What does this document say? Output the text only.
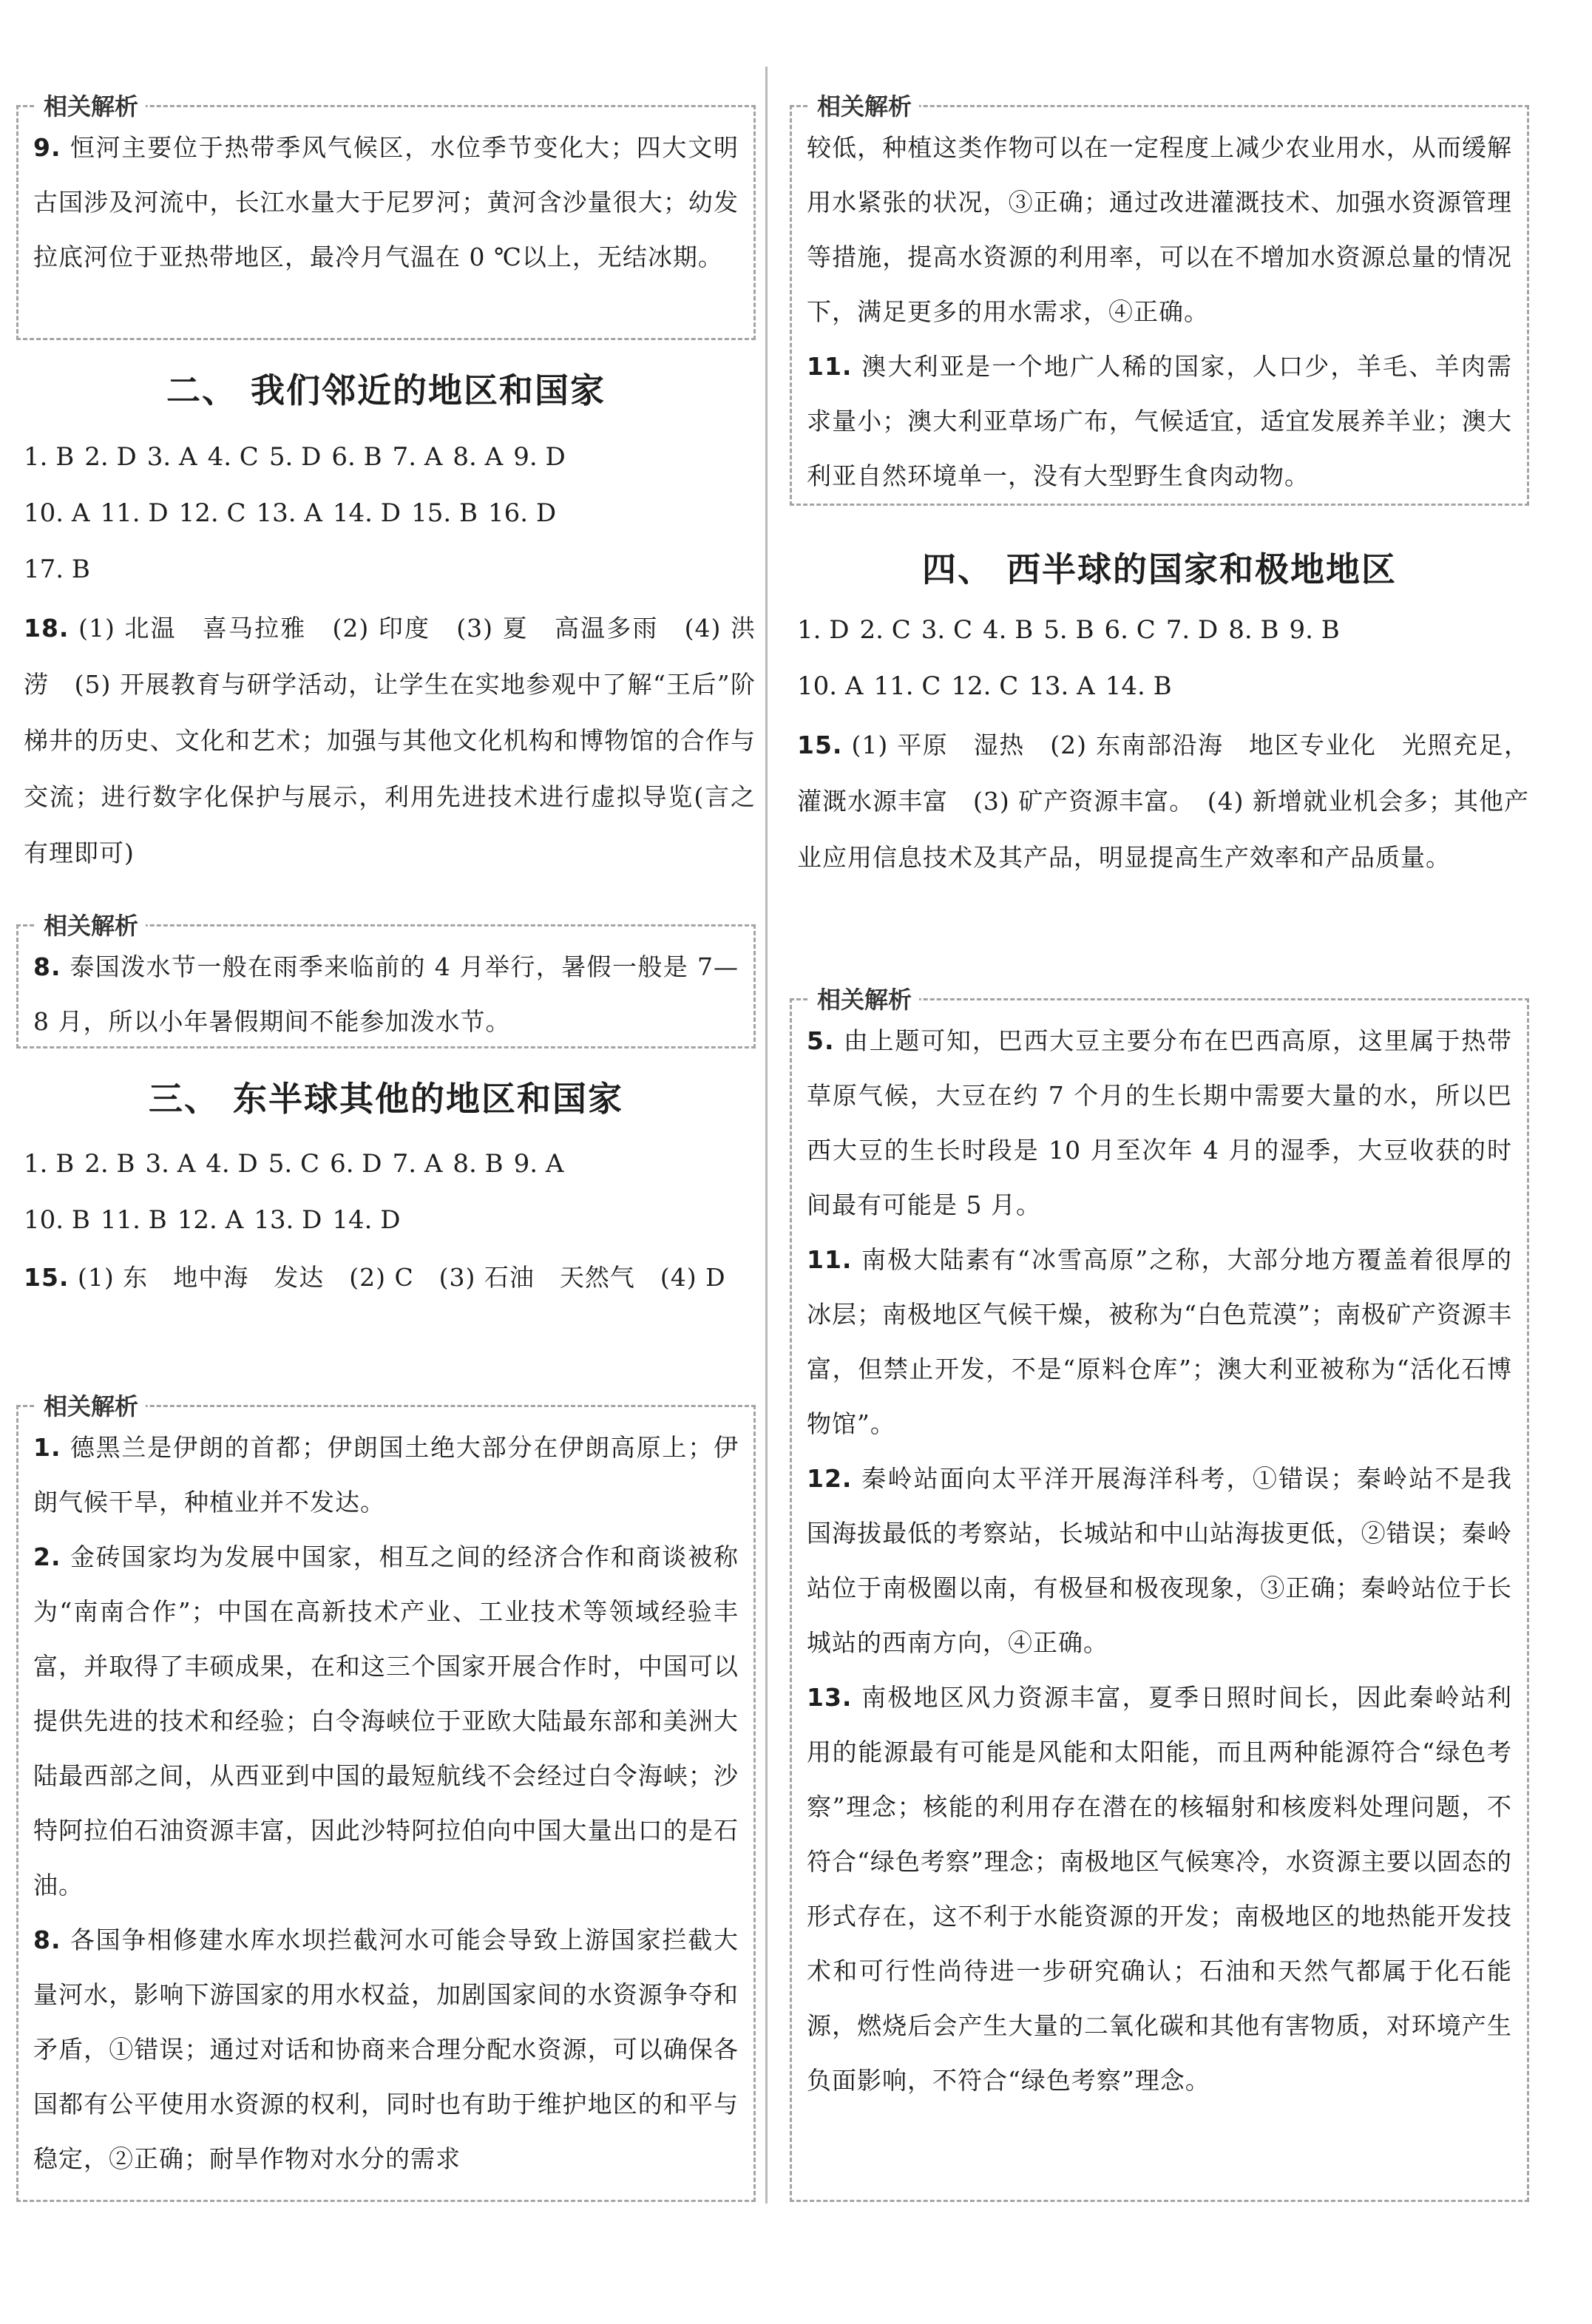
相关解析

9. 恒河主要位于热带季风气候区，水位季节变化大；四大文明古国涉及河流中，长江水量大于尼罗河；黄河含沙量很大；幼发拉底河位于亚热带地区，最冷月气温在 0 ℃以上，无结冰期。

二、 我们邻近的地区和国家
1. B 2. D 3. A 4. C 5. D 6. B 7. A 8. A 9. D
10. A 11. D 12. C 13. A 14. D 15. B 16. D
17. B

18. (1) 北温　喜马拉雅　(2) 印度　(3) 夏　高温多雨　(4) 洪涝　(5) 开展教育与研学活动，让学生在实地参观中了解“王后”阶梯井的历史、文化和艺术；加强与其他文化机构和博物馆的合作与交流；进行数字化保护与展示，利用先进技术进行虚拟导览(言之有理即可)

相关解析

8. 泰国泼水节一般在雨季来临前的 4 月举行，暑假一般是 7—8 月，所以小年暑假期间不能参加泼水节。

三、 东半球其他的地区和国家
1. B 2. B 3. A 4. D 5. C 6. D 7. A 8. B 9. A
10. B 11. B 12. A 13. D 14. D

15. (1) 东　地中海　发达　(2) C　(3) 石油　天然气　(4) D

相关解析

1. 德黑兰是伊朗的首都；伊朗国土绝大部分在伊朗高原上；伊朗气候干旱，种植业并不发达。

2. 金砖国家均为发展中国家，相互之间的经济合作和商谈被称为“南南合作”；中国在高新技术产业、工业技术等领域经验丰富，并取得了丰硕成果，在和这三个国家开展合作时，中国可以提供先进的技术和经验；白令海峡位于亚欧大陆最东部和美洲大陆最西部之间，从西亚到中国的最短航线不会经过白令海峡；沙特阿拉伯石油资源丰富，因此沙特阿拉伯向中国大量出口的是石油。

8. 各国争相修建水库水坝拦截河水可能会导致上游国家拦截大量河水，影响下游国家的用水权益，加剧国家间的水资源争夺和矛盾，①错误；通过对话和协商来合理分配水资源，可以确保各国都有公平使用水资源的权利，同时也有助于维护地区的和平与稳定，②正确；耐旱作物对水分的需求

相关解析

较低，种植这类作物可以在一定程度上减少农业用水，从而缓解用水紧张的状况，③正确；通过改进灌溉技术、加强水资源管理等措施，提高水资源的利用率，可以在不增加水资源总量的情况下，满足更多的用水需求，④正确。

11. 澳大利亚是一个地广人稀的国家，人口少，羊毛、羊肉需求量小；澳大利亚草场广布，气候适宜，适宜发展养羊业；澳大利亚自然环境单一，没有大型野生食肉动物。

四、 西半球的国家和极地地区
1. D 2. C 3. C 4. B 5. B 6. C 7. D 8. B 9. B
10. A 11. C 12. C 13. A 14. B

15. (1) 平原　湿热　(2) 东南部沿海　地区专业化　光照充足，灌溉水源丰富　(3) 矿产资源丰富。　(4) 新增就业机会多；其他产业应用信息技术及其产品，明显提高生产效率和产品质量。

相关解析

5. 由上题可知，巴西大豆主要分布在巴西高原，这里属于热带草原气候，大豆在约 7 个月的生长期中需要大量的水，所以巴西大豆的生长时段是 10 月至次年 4 月的湿季，大豆收获的时间最有可能是 5 月。

11. 南极大陆素有“冰雪高原”之称，大部分地方覆盖着很厚的冰层；南极地区气候干燥，被称为“白色荒漠”；南极矿产资源丰富，但禁止开发，不是“原料仓库”；澳大利亚被称为“活化石博物馆”。

12. 秦岭站面向太平洋开展海洋科考，①错误；秦岭站不是我国海拔最低的考察站，长城站和中山站海拔更低，②错误；秦岭站位于南极圈以南，有极昼和极夜现象，③正确；秦岭站位于长城站的西南方向，④正确。

13. 南极地区风力资源丰富，夏季日照时间长，因此秦岭站利用的能源最有可能是风能和太阳能，而且两种能源符合“绿色考察”理念；核能的利用存在潜在的核辐射和核废料处理问题，不符合“绿色考察”理念；南极地区气候寒冷，水资源主要以固态的形式存在，这不利于水能资源的开发；南极地区的地热能开发技术和可行性尚待进一步研究确认；石油和天然气都属于化石能源，燃烧后会产生大量的二氧化碳和其他有害物质，对环境产生负面影响，不符合“绿色考察”理念。
